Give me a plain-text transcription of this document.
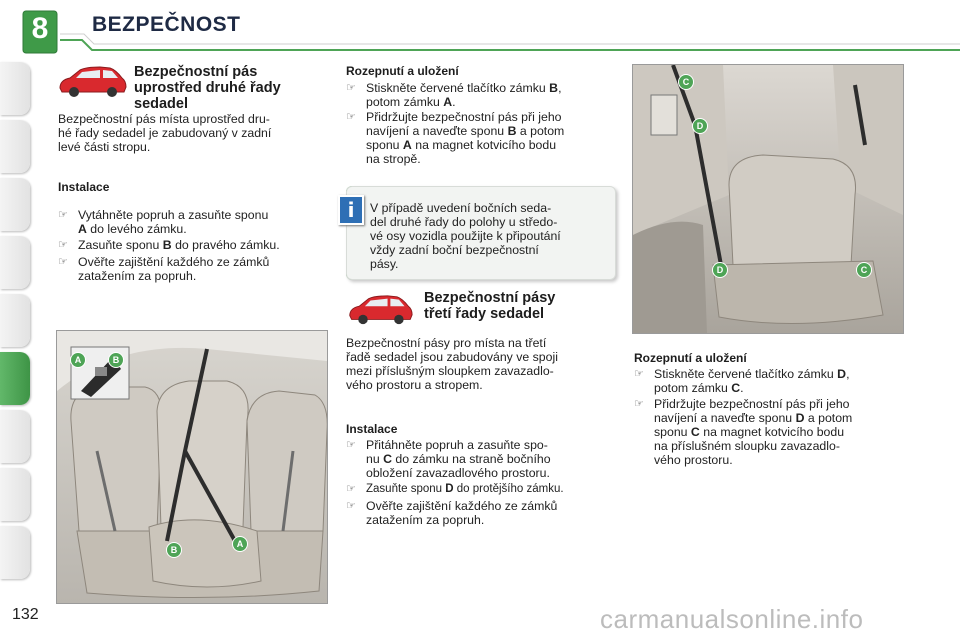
8	BEZPEČNOST
132
Bezpečnostní pás
uprostřed druhé řady
sedadel
Bezpečnostní pás místa uprostřed dru-
hé řady sedadel je zabudovaný v zadní
levé části stropu.
Instalace
☞ Vytáhněte popruh a zasuňte sponu
A do levého zámku.
☞ Zasuňte sponu B do pravého zámku.
☞ Ověřte zajištění každého ze zámků
zatažením za popruh.
Rozepnutí a uložení
☞ Stiskněte červené tlačítko zámku B,
potom zámku A.
☞ Přidržujte bezpečnostní pás při jeho
navíjení a naveďte sponu B a potom
sponu A na magnet kotvicího bodu
na stropě.
i	V případě uvedení bočních seda-
del druhé řady do polohy u středo-
vé osy vozidla použijte k připoutání
vždy zadní boční bezpečnostní
pásy.
Bezpečnostní pásy
třetí řady sedadel
Bezpečnostní pásy pro místa na třetí
řadě sedadel jsou zabudovány ve spoji
mezi příslušným sloupkem zavazadlo-
vého prostoru a stropem.
Instalace
☞ Přitáhněte popruh a zasuňte spo-
nu C do zámku na straně bočního
obložení zavazadlového prostoru.
☞ Zasuňte sponu D do protějšího zámku.
☞ Ověřte zajištění každého ze zámků
zatažením za popruh.
Rozepnutí a uložení
☞ Stiskněte červené tlačítko zámku D,
potom zámku C.
☞ Přidržujte bezpečnostní pás při jeho
navíjení a naveďte sponu D a potom
sponu C na magnet kotvicího bodu
na příslušném sloupku zavazadlo-
vého prostoru.
A	B
B
A
C
D
D	C
carmanualsonline.info
